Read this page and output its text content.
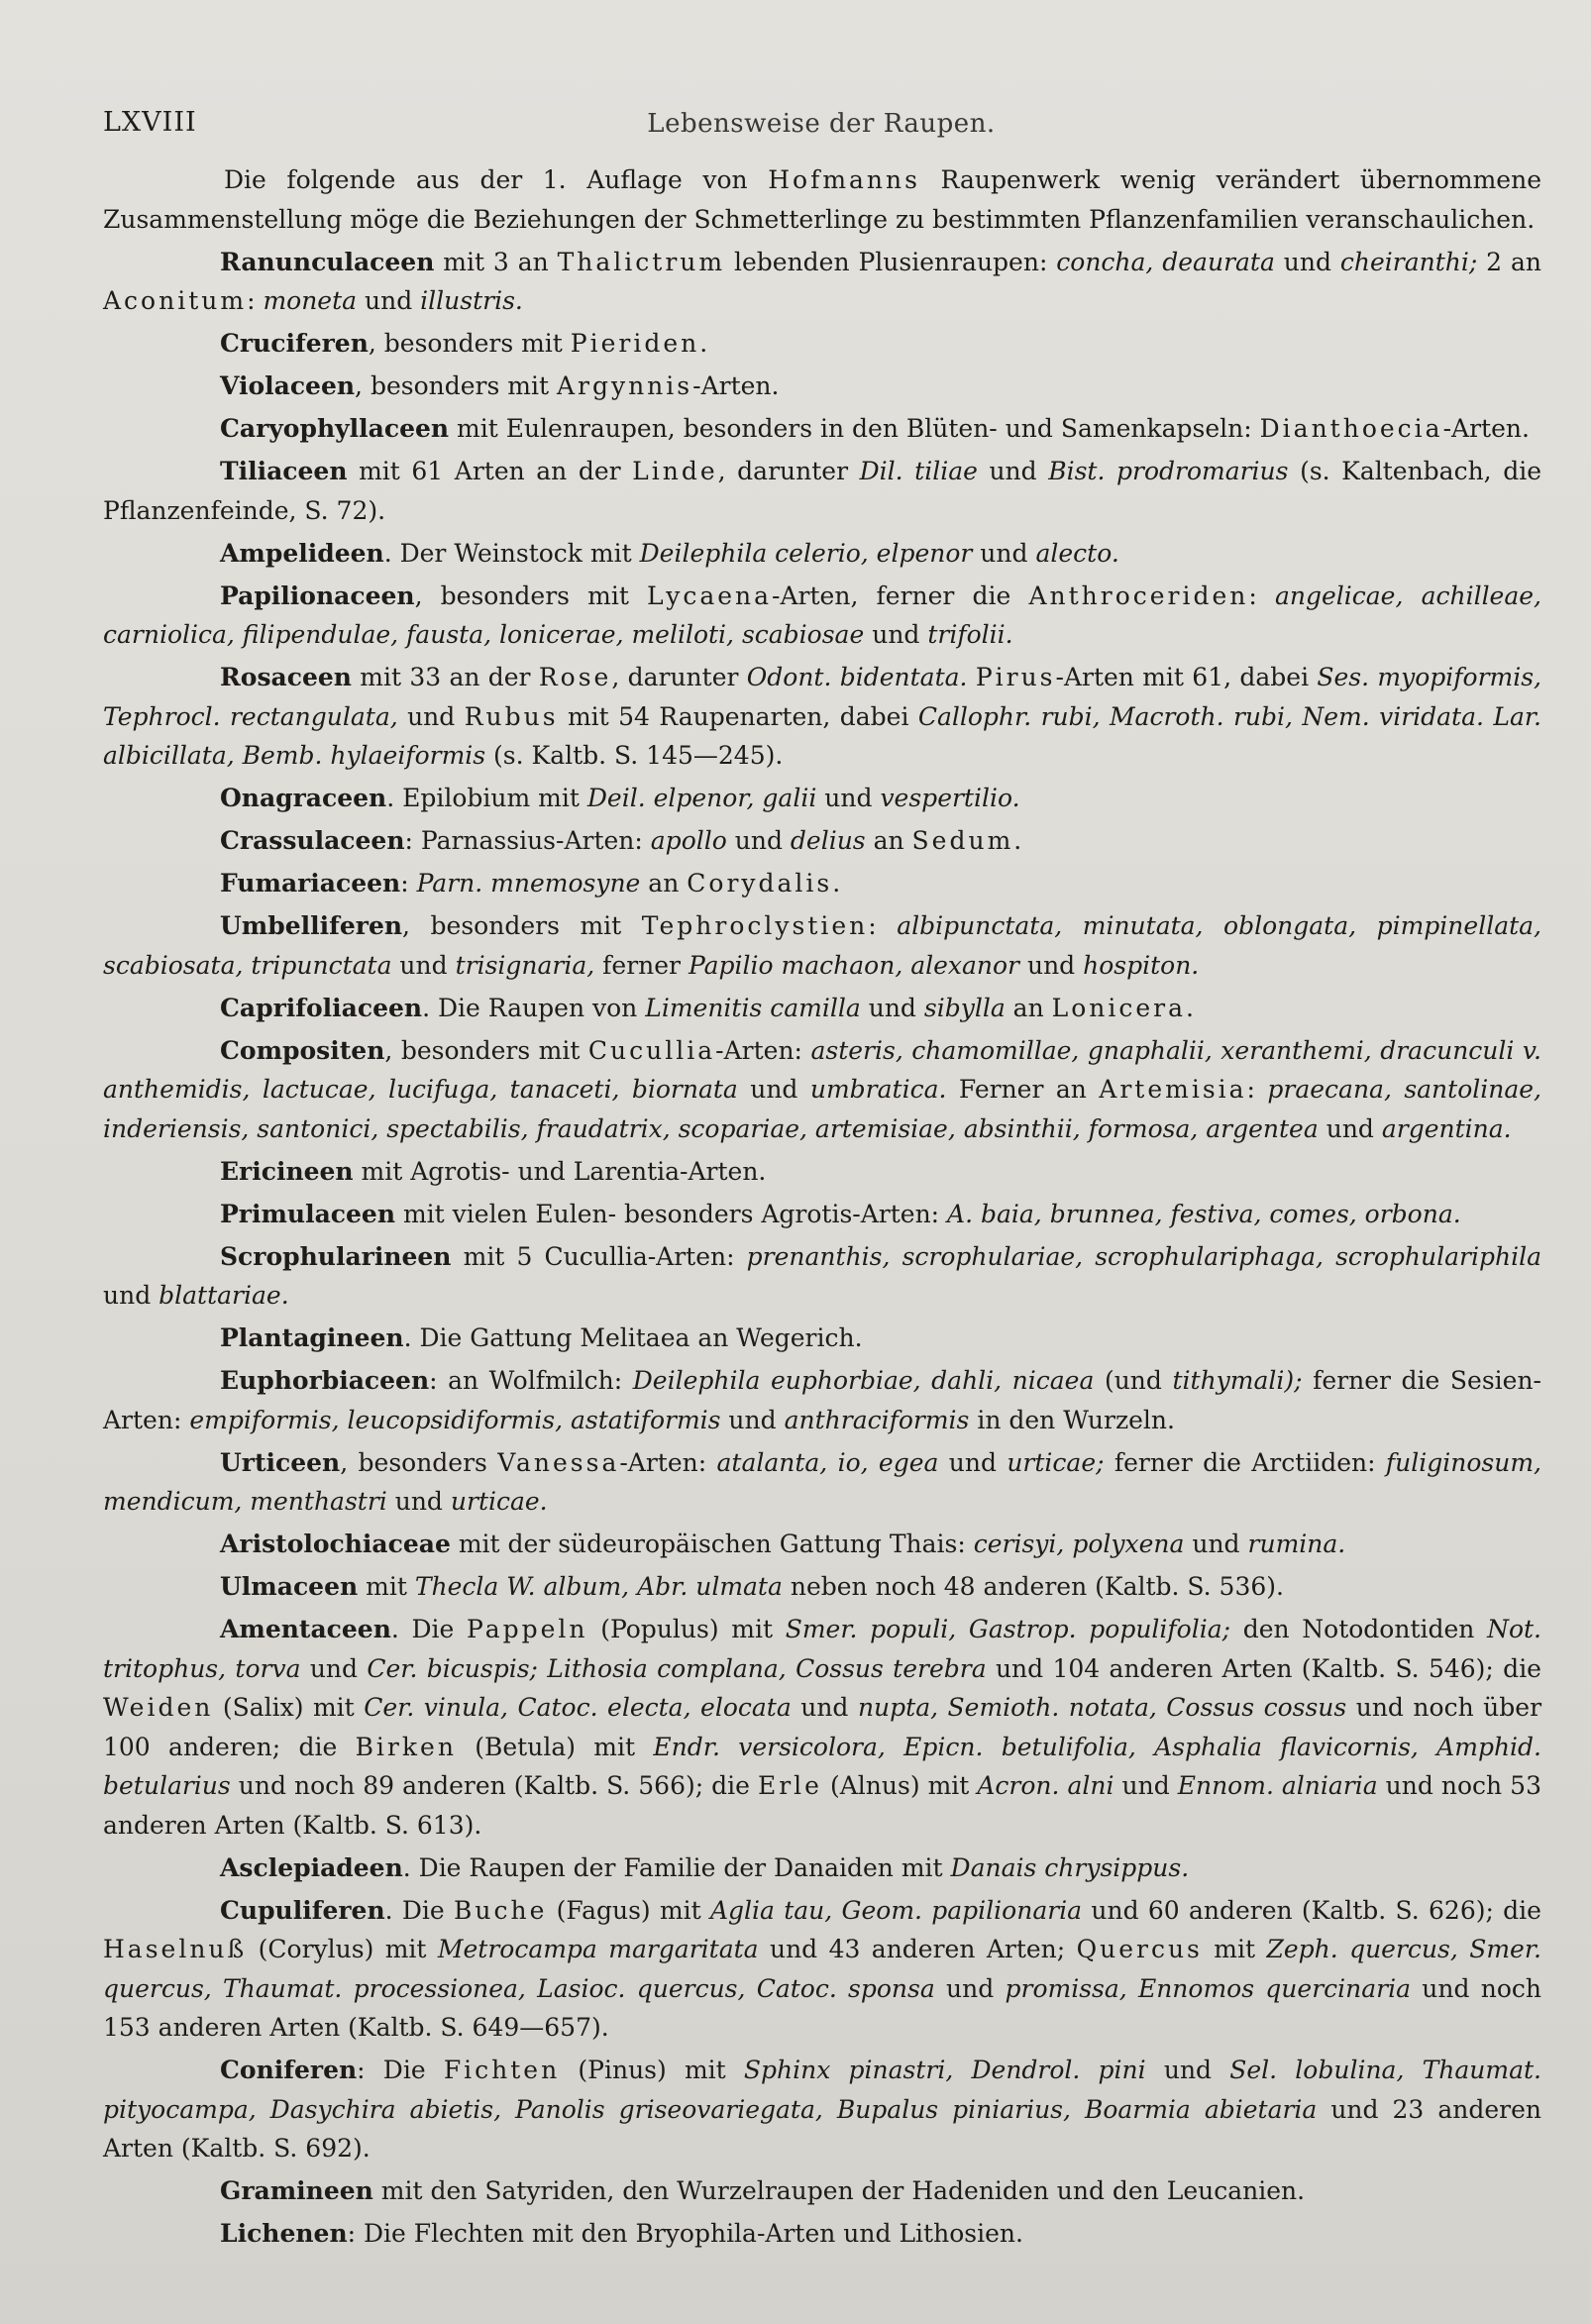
LXVIII	Lebensweise der Raupen.

Die folgende aus der 1. Auflage von Hofmanns Raupenwerk wenig verändert übernommene Zusammenstellung möge die Beziehungen der Schmetterlinge zu bestimmten Pflanzenfamilien veranschaulichen.

Ranunculaceen mit 3 an Thalictrum lebenden Plusienraupen: concha, deaurata und cheiranthi; 2 an Aconitum: moneta und illustris.

Cruciferen, besonders mit Pieriden.

Violaceen, besonders mit Argynnis-Arten.

Caryophyllaceen mit Eulenraupen, besonders in den Blüten- und Samenkapseln: Dianthoecia-Arten.

Tiliaceen mit 61 Arten an der Linde, darunter Dil. tiliae und Bist. prodromarius (s. Kaltenbach, die Pflanzenfeinde, S. 72).

Ampelideen. Der Weinstock mit Deilephila celerio, elpenor und alecto.

Papilionaceen, besonders mit Lycaena-Arten, ferner die Anthroceriden: angelicae, achilleae, carniolica, filipendulae, fausta, lonicerae, meliloti, scabiosae und trifolii.

Rosaceen mit 33 an der Rose, darunter Odont. bidentata. Pirus-Arten mit 61, dabei Ses. myopiformis, Tephrocl. rectangulata, und Rubus mit 54 Raupenarten, dabei Callophr. rubi, Macroth. rubi, Nem. viridata. Lar. albicillata, Bemb. hylaeiformis (s. Kaltb. S. 145—245).

Onagraceen. Epilobium mit Deil. elpenor, galii und vespertilio.

Crassulaceen: Parnassius-Arten: apollo und delius an Sedum.

Fumariaceen: Parn. mnemosyne an Corydalis.

Umbelliferen, besonders mit Tephroclystien: albipunctata, minutata, oblongata, pimpinellata, scabiosata, tripunctata und trisignaria, ferner Papilio machaon, alexanor und hospiton.

Caprifoliaceen. Die Raupen von Limenitis camilla und sibylla an Lonicera.

Compositen, besonders mit Cucullia-Arten: asteris, chamomillae, gnaphalii, xeranthemi, dracunculi v. anthemidis, lactucae, lucifuga, tanaceti, biornata und umbratica. Ferner an Artemisia: praecana, santolinae, inderiensis, santonici, spectabilis, fraudatrix, scopariae, artemisiae, absinthii, formosa, argentea und argentina.

Ericineen mit Agrotis- und Larentia-Arten.

Primulaceen mit vielen Eulen- besonders Agrotis-Arten: A. baia, brunnea, festiva, comes, orbona.

Scrophularineen mit 5 Cucullia-Arten: prenanthis, scrophulariae, scrophulariphaga, scrophulariphila und blattariae.

Plantagineen. Die Gattung Melitaea an Wegerich.

Euphorbiaceen: an Wolfmilch: Deilephila euphorbiae, dahli, nicaea (und tithymali); ferner die Sesien-Arten: empiformis, leucopsidiformis, astatiformis und anthraciformis in den Wurzeln.

Urticeen, besonders Vanessa-Arten: atalanta, io, egea und urticae; ferner die Arctiiden: fuliginosum, mendicum, menthastri und urticae.

Aristolochiaceae mit der südeuropäischen Gattung Thais: cerisyi, polyxena und rumina.

Ulmaceen mit Thecla W. album, Abr. ulmata neben noch 48 anderen (Kaltb. S. 536).

Amentaceen. Die Pappeln (Populus) mit Smer. populi, Gastrop. populifolia; den Notodontiden Not. tritophus, torva und Cer. bicuspis; Lithosia complana, Cossus terebra und 104 anderen Arten (Kaltb. S. 546); die Weiden (Salix) mit Cer. vinula, Catoc. electa, elocata und nupta, Semioth. notata, Cossus cossus und noch über 100 anderen; die Birken (Betula) mit Endr. versicolora, Epicn. betulifolia, Asphalia flavicornis, Amphid. betularius und noch 89 anderen (Kaltb. S. 566); die Erle (Alnus) mit Acron. alni und Ennom. alniaria und noch 53 anderen Arten (Kaltb. S. 613).

Asclepiadeen. Die Raupen der Familie der Danaiden mit Danais chrysippus.

Cupuliferen. Die Buche (Fagus) mit Aglia tau, Geom. papilionaria und 60 anderen (Kaltb. S. 626); die Haselnuß (Corylus) mit Metrocampa margaritata und 43 anderen Arten; Quercus mit Zeph. quercus, Smer. quercus, Thaumat. processionea, Lasioc. quercus, Catoc. sponsa und promissa, Ennomos quercinaria und noch 153 anderen Arten (Kaltb. S. 649—657).

Coniferen: Die Fichten (Pinus) mit Sphinx pinastri, Dendrol. pini und Sel. lobulina, Thaumat. pityocampa, Dasychira abietis, Panolis griseovariegata, Bupalus piniarius, Boarmia abietaria und 23 anderen Arten (Kaltb. S. 692).

Gramineen mit den Satyriden, den Wurzelraupen der Hadeniden und den Leucanien.

Lichenen: Die Flechten mit den Bryophila-Arten und Lithosien.
